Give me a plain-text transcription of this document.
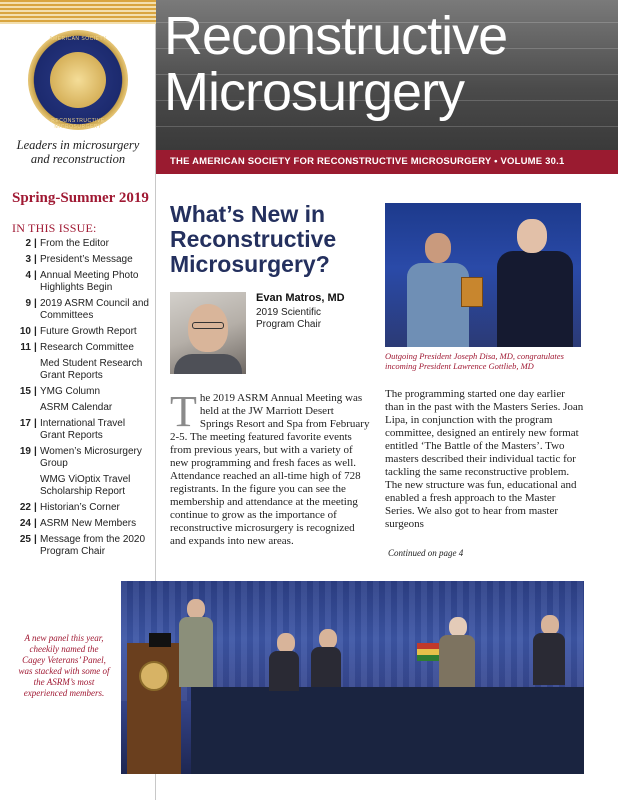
AMERICAN SOCIETY
RECONSTRUCTIVE MICROSURGERY
Leaders in microsurgery and reconstruction
Spring-Summer 2019
IN THIS ISSUE:
2 | From the Editor
3 | President’s Message
4 | Annual Meeting Photo Highlights Begin
9 | 2019 ASRM Council and Committees
10 | Future Growth Report
11 | Research Committee
Med Student Research Grant Reports
15 | YMG Column
ASRM Calendar
17 | International Travel Grant Reports
19 | Women’s Microsurgery Group
WMG ViOptix Travel Scholarship Report
22 | Historian’s Corner
24 | ASRM New Members
25 | Message from the 2020 Program Chair
A new panel this year, cheekily named the Cagey Veterans’ Panel, was stacked with some of the ASRM’s most experienced members.
Reconstructive
Microsurgery
THE AMERICAN SOCIETY FOR RECONSTRUCTIVE MICROSURGERY • VOLUME 30.1
What’s New in Reconstructive Microsurgery?
Evan Matros, MD
2019 Scientific Program Chair
The 2019 ASRM Annual Meeting was held at the JW Marriott Desert Springs Resort and Spa from February 2-5. The meeting featured favorite events from previous years, but with a variety of new programming and fresh faces as well. Attendance reached an all-time high of 728 registrants. In the figure you can see the membership and attendance at the meeting continue to grow as the importance of reconstructive microsurgery is recognized and expands into new areas.
Outgoing President Joseph Disa, MD, congratulates incoming President Lawrence Gottlieb, MD
The programming started one day earlier than in the past with the Masters Series. Joan Lipa, in conjunction with the program committee, designed an entirely new format entitled ‘The Battle of the Masters’. Two masters described their individual tactic for tackling the same reconstructive problem. The new structure was fun, educational and enabled a fresh approach to the Master Series. We also got to hear from master surgeons
Continued on page 4
